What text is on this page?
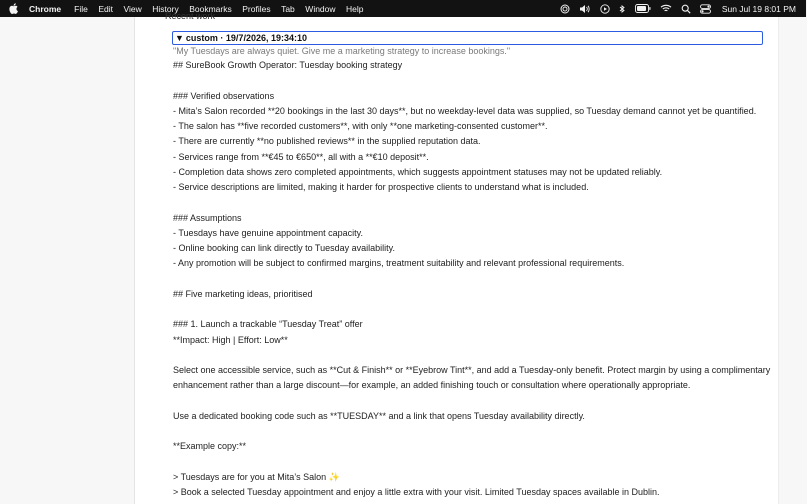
Chrome File Edit View History Bookmarks Profiles Tab Window Help	Sun Jul 19 8:01 PM
Recent work
▼ custom · 19/7/2026, 19:34:10
"My Tuesdays are always quiet. Give me a marketing strategy to increase bookings."
## SureBook Growth Operator: Tuesday booking strategy
### Verified observations
- Mita’s Salon recorded **20 bookings in the last 30 days**, but no weekday-level data was supplied, so Tuesday demand cannot yet be quantified.
- The salon has **five recorded customers**, with only **one marketing-consented customer**.
- There are currently **no published reviews** in the supplied reputation data.
- Services range from **€45 to €650**, all with a **€10 deposit**.
- Completion data shows zero completed appointments, which suggests appointment statuses may not be updated reliably.
- Service descriptions are limited, making it harder for prospective clients to understand what is included.
### Assumptions
- Tuesdays have genuine appointment capacity.
- Online booking can link directly to Tuesday availability.
- Any promotion will be subject to confirmed margins, treatment suitability and relevant professional requirements.
## Five marketing ideas, prioritised
### 1. Launch a trackable “Tuesday Treat” offer
**Impact: High | Effort: Low**
Select one accessible service, such as **Cut & Finish** or **Eyebrow Tint**, and add a Tuesday-only benefit. Protect margin by using a complimentary enhancement rather than a large discount—for example, an added finishing touch or consultation where operationally appropriate.
Use a dedicated booking code such as **TUESDAY** and a link that opens Tuesday availability directly.
**Example copy:**
> Tuesdays are for you at Mita’s Salon ✨
> Book a selected Tuesday appointment and enjoy a little extra with your visit. Limited Tuesday spaces available in Dublin.
